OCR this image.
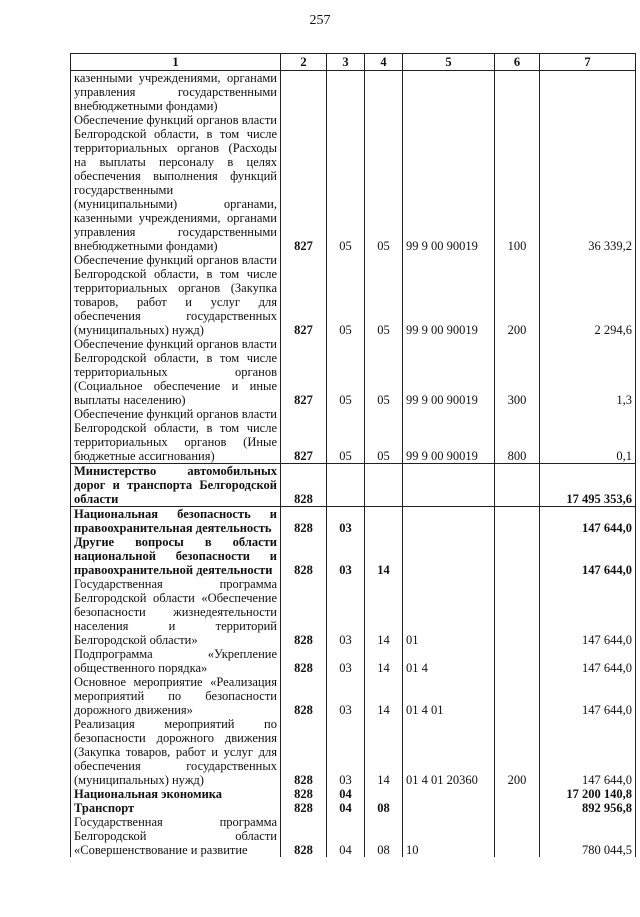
257
1	2	3	4	5	6	7
казенными учреждениями, органами управления государственными внебюджетными фондами)						
Обеспечение функций органов власти Белгородской области, в том числе территориальных органов (Расходы на выплаты персоналу в целях обеспечения выполнения функций государственными (муниципальными) органами, казенными учреждениями, органами управления государственными внебюджетными фондами)	827	05	05	99 9 00 90019	100	36 339,2
Обеспечение функций органов власти Белгородской области, в том числе территориальных органов (Закупка товаров, работ и услуг для обеспечения государственных (муниципальных) нужд)	827	05	05	99 9 00 90019	200	2 294,6
Обеспечение функций органов власти Белгородской области, в том числе территориальных органов (Социальное обеспечение и иные выплаты населению)	827	05	05	99 9 00 90019	300	1,3
Обеспечение функций органов власти Белгородской области, в том числе территориальных органов (Иные бюджетные ассигнования)	827	05	05	99 9 00 90019	800	0,1
Министерство автомобильных дорог и транспорта Белгородской области	828					17 495 353,6
Национальная безопасность и правоохранительная деятельность	828	03				147 644,0
Другие вопросы в области национальной безопасности и правоохранительной деятельности	828	03	14			147 644,0
Государственная программа Белгородской области «Обеспечение безопасности жизнедеятельности населения и территорий Белгородской области»	828	03	14	01		147 644,0
Подпрограмма «Укрепление общественного порядка»	828	03	14	01 4		147 644,0
Основное мероприятие «Реализация мероприятий по безопасности дорожного движения»	828	03	14	01 4 01		147 644,0
Реализация мероприятий по безопасности дорожного движения (Закупка товаров, работ и услуг для обеспечения государственных (муниципальных) нужд)	828	03	14	01 4 01 20360	200	147 644,0
Национальная экономика	828	04				17 200 140,8
Транспорт	828	04	08			892 956,8
Государственная программа Белгородской области «Совершенствование и развитие	828	04	08	10		780 044,5
